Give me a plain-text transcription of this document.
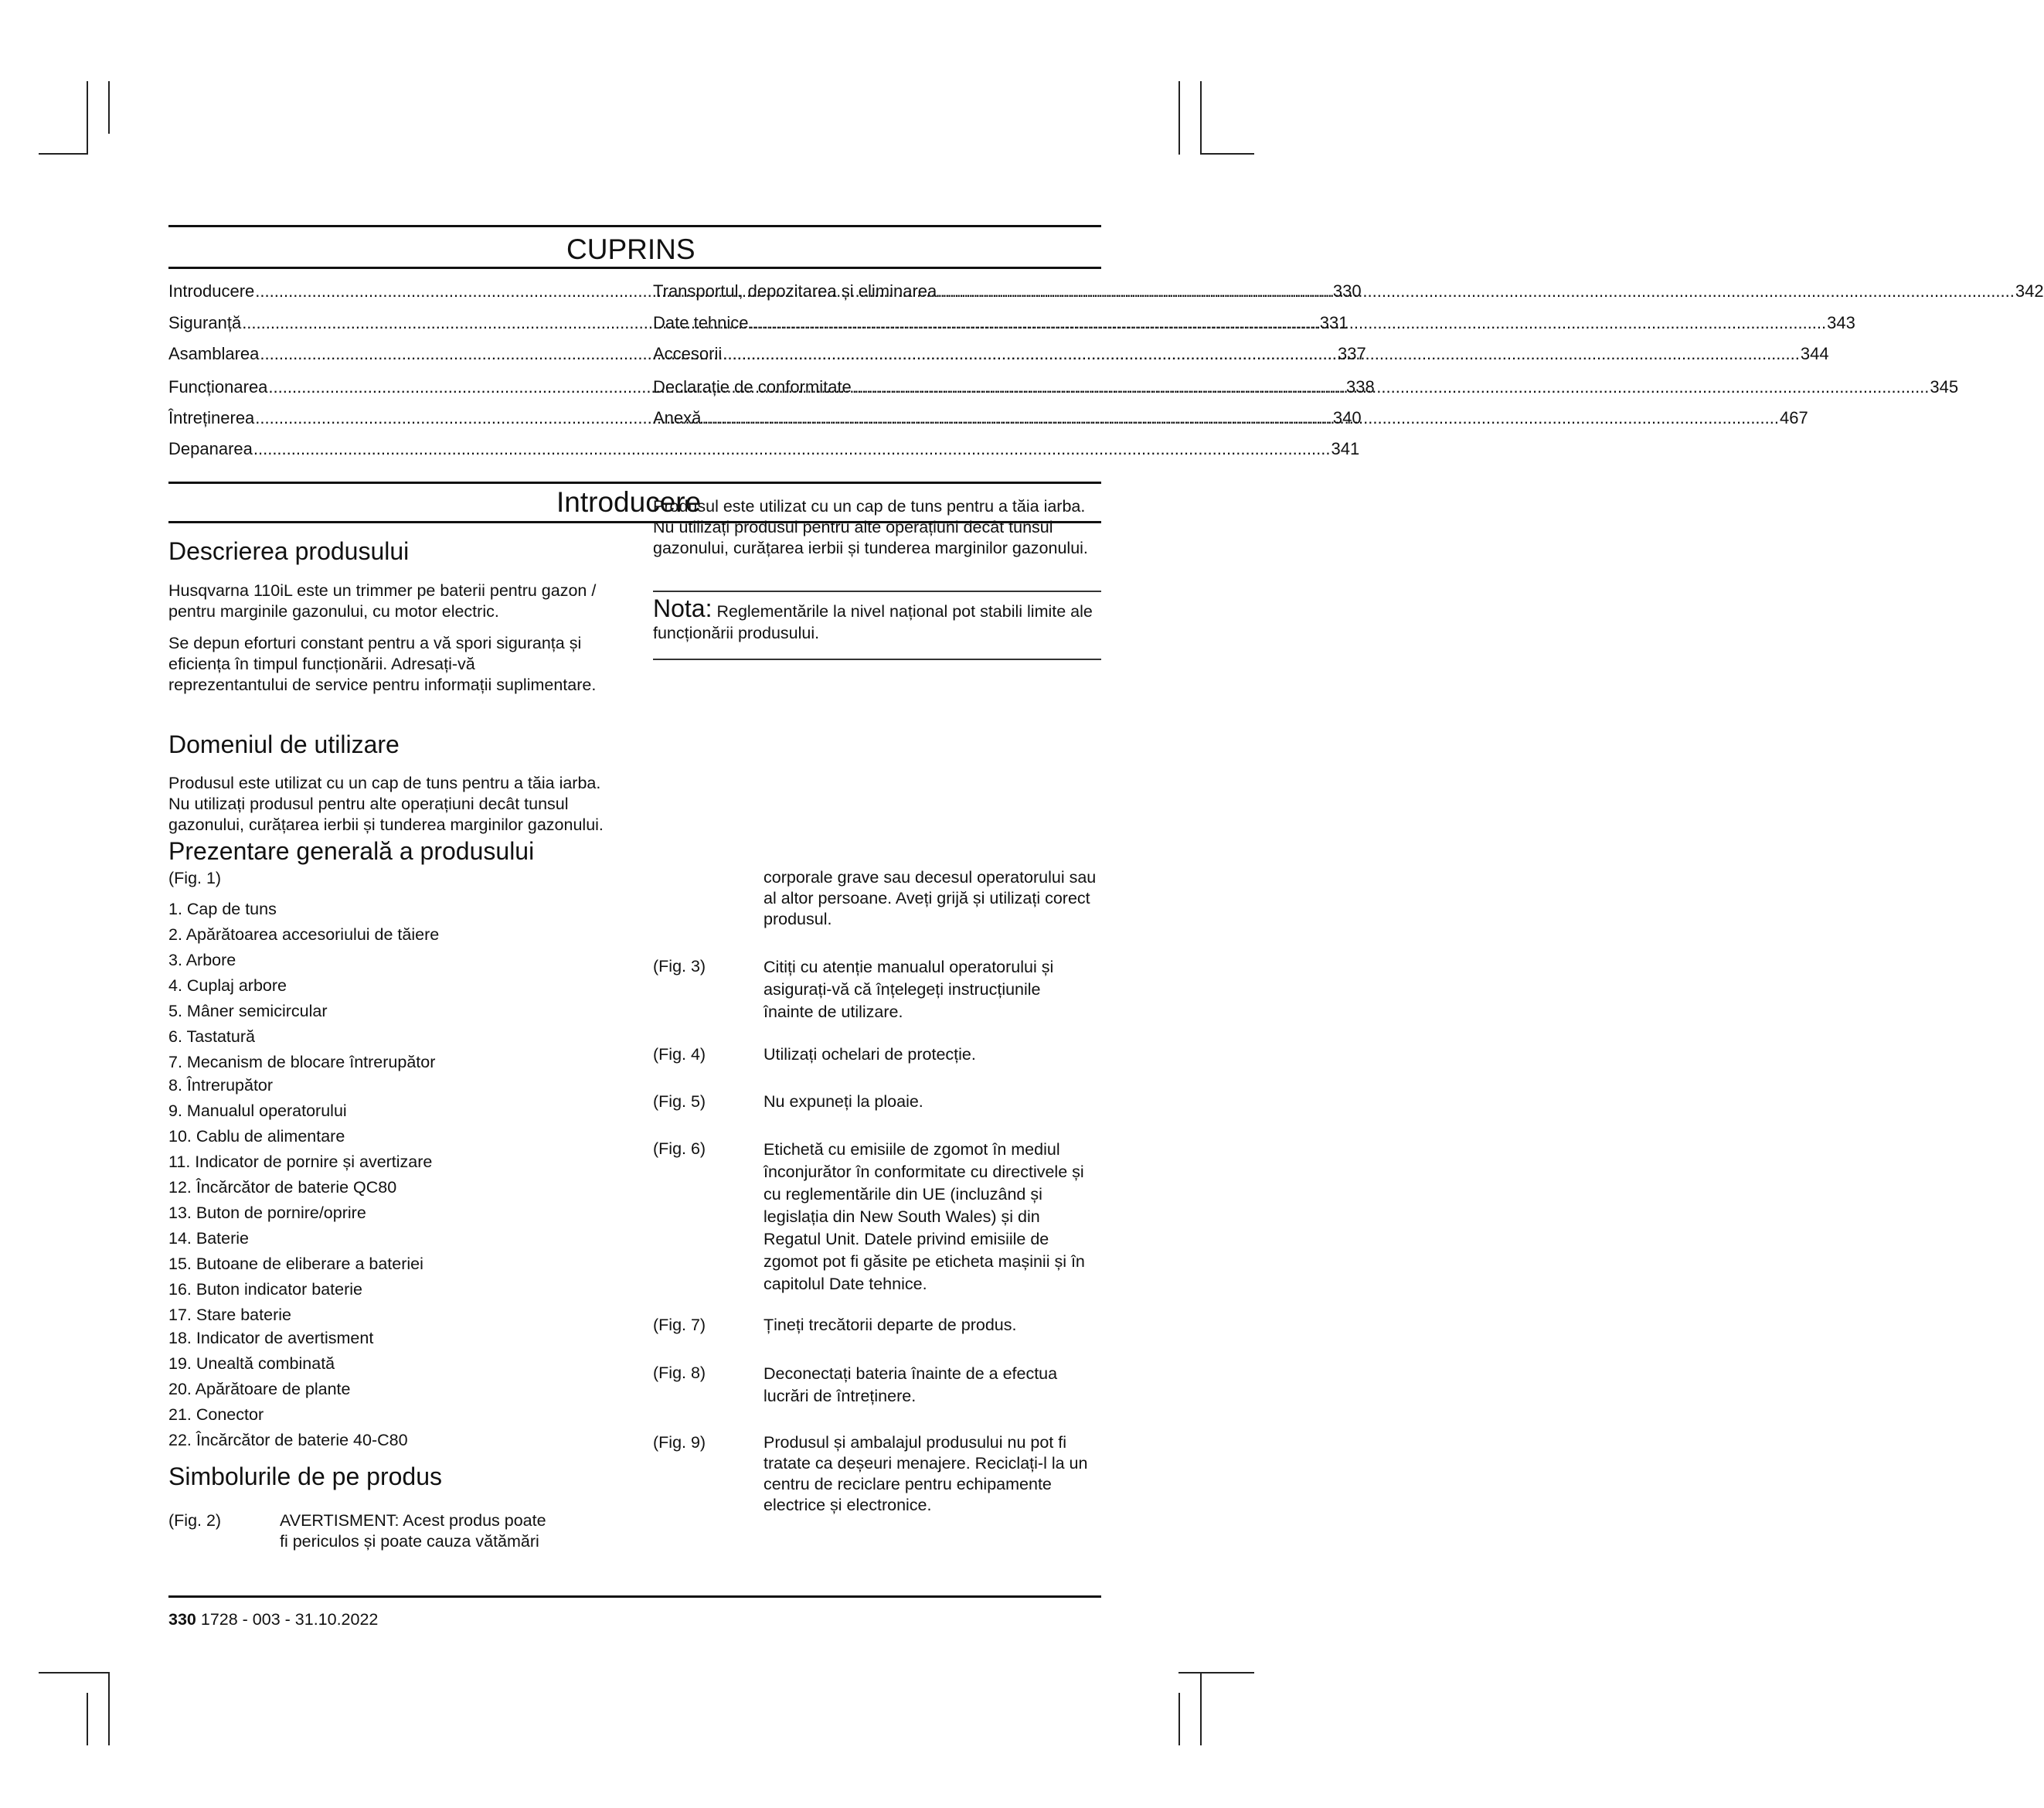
CUPRINS
Introducere .....	330
Siguranță .....	331
Asamblarea .....	337
Funcționarea .....	338
Întreținerea .....	340
Depanarea .....	341
Transportul, depozitarea și eliminarea .....	342
Date tehnice .....	343
Accesorii .....	344
Declarație de conformitate .....	345
Anexă .....	467
Introducere
Descrierea produsului
Husqvarna 110iL este un trimmer pe baterii pentru gazon / pentru marginile gazonului, cu motor electric.
Se depun eforturi constant pentru a vă spori siguranța și eficiența în timpul funcționării. Adresați-vă reprezentantului de service pentru informații suplimentare.
Domeniul de utilizare
Produsul este utilizat cu un cap de tuns pentru a tăia iarba. Nu utilizați produsul pentru alte operațiuni decât tunsul gazonului, curățarea ierbii și tunderea marginilor gazonului.
Produsul este utilizat cu un cap de tuns pentru a tăia iarba. Nu utilizați produsul pentru alte operațiuni decât tunsul gazonului, curățarea ierbii și tunderea marginilor gazonului.
Nota: Reglementările la nivel național pot stabili limite ale funcționării produsului.
Prezentare generală a produsului
(Fig. 1)
1. Cap de tuns
2. Apărătoarea accesoriului de tăiere
3. Arbore
4. Cuplaj arbore
5. Mâner semicircular
6. Tastatură
7. Mecanism de blocare întrerupător
8. Întrerupător
9. Manualul operatorului
10. Cablu de alimentare
11. Indicator de pornire și avertizare
12. Încărcător de baterie QC80
13. Buton de pornire/oprire
14. Baterie
15. Butoane de eliberare a bateriei
16. Buton indicator baterie
17. Stare baterie
18. Indicator de avertisment
19. Unealtă combinată
20. Apărătoare de plante
21. Conector
22. Încărcător de baterie 40-C80
Simbolurile de pe produs
(Fig. 2)	AVERTISMENT: Acest produs poate
fi periculos și poate cauza vătămări
corporale grave sau decesul operatorului sau al altor persoane. Aveți grijă și utilizați corect produsul.
(Fig. 3)	Citiți cu atenție manualul operatorului și asigurați-vă că înțelegeți instrucțiunile înainte de utilizare.
(Fig. 4)	Utilizați ochelari de protecție.
(Fig. 5)	Nu expuneți la ploaie.
(Fig. 6)	Etichetă cu emisiile de zgomot în mediul înconjurător în conformitate cu directivele și cu reglementările din UE (incluzând și legislația din New South Wales) și din Regatul Unit. Datele privind emisiile de zgomot pot fi găsite pe eticheta mașinii și în capitolul Date tehnice.
(Fig. 7)	Țineți trecătorii departe de produs.
(Fig. 8)	Deconectați bateria înainte de a efectua lucrări de întreținere.
(Fig. 9)	Produsul și ambalajul produsului nu pot fi tratate ca deșeuri menajere. Reciclați-l la un centru de reciclare pentru echipamente electrice și electronice.
330 1728 - 003 - 31.10.2022
